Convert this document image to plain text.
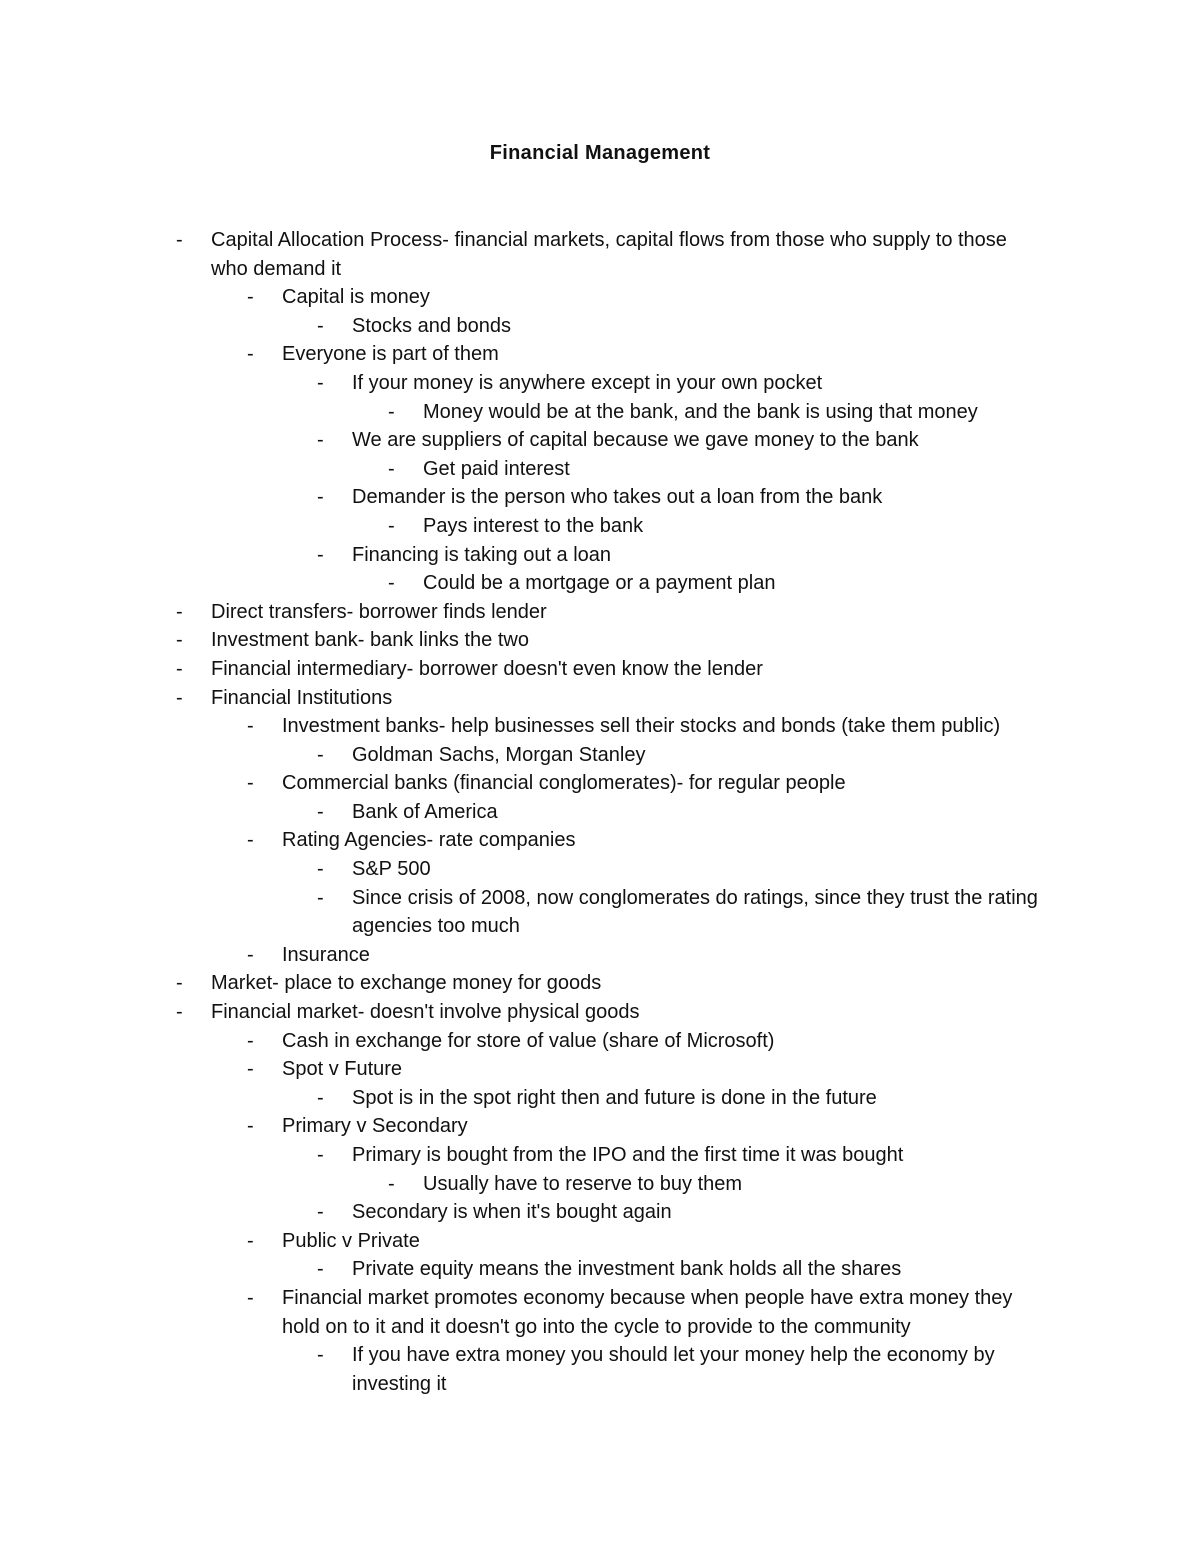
Financial Management
- Capital Allocation Process- financial markets, capital flows from those who supply to those who demand it
- Capital is money
- Stocks and bonds
- Everyone is part of them
- If your money is anywhere except in your own pocket
- Money would be at the bank, and the bank is using that money
- We are suppliers of capital because we gave money to the bank
- Get paid interest
- Demander is the person who takes out a loan from the bank
- Pays interest to the bank
- Financing is taking out a loan
- Could be a mortgage or a payment plan
- Direct transfers- borrower finds lender
- Investment bank- bank links the two
- Financial intermediary- borrower doesn't even know the lender
- Financial Institutions
- Investment banks- help businesses sell their stocks and bonds (take them public)
- Goldman Sachs, Morgan Stanley
- Commercial banks (financial conglomerates)- for regular people
- Bank of America
- Rating Agencies- rate companies
- S&P 500
- Since crisis of 2008, now conglomerates do ratings, since they trust the rating agencies too much
- Insurance
- Market- place to exchange money for goods
- Financial market- doesn't involve physical goods
- Cash in exchange for store of value (share of Microsoft)
- Spot v Future
- Spot is in the spot right then and future is done in the future
- Primary v Secondary
- Primary is bought from the IPO and the first time it was bought
- Usually have to reserve to buy them
- Secondary is when it's bought again
- Public v Private
- Private equity means the investment bank holds all the shares
- Financial market promotes economy because when people have extra money they hold on to it and it doesn't go into the cycle to provide to the community
- If you have extra money you should let your money help the economy by investing it
